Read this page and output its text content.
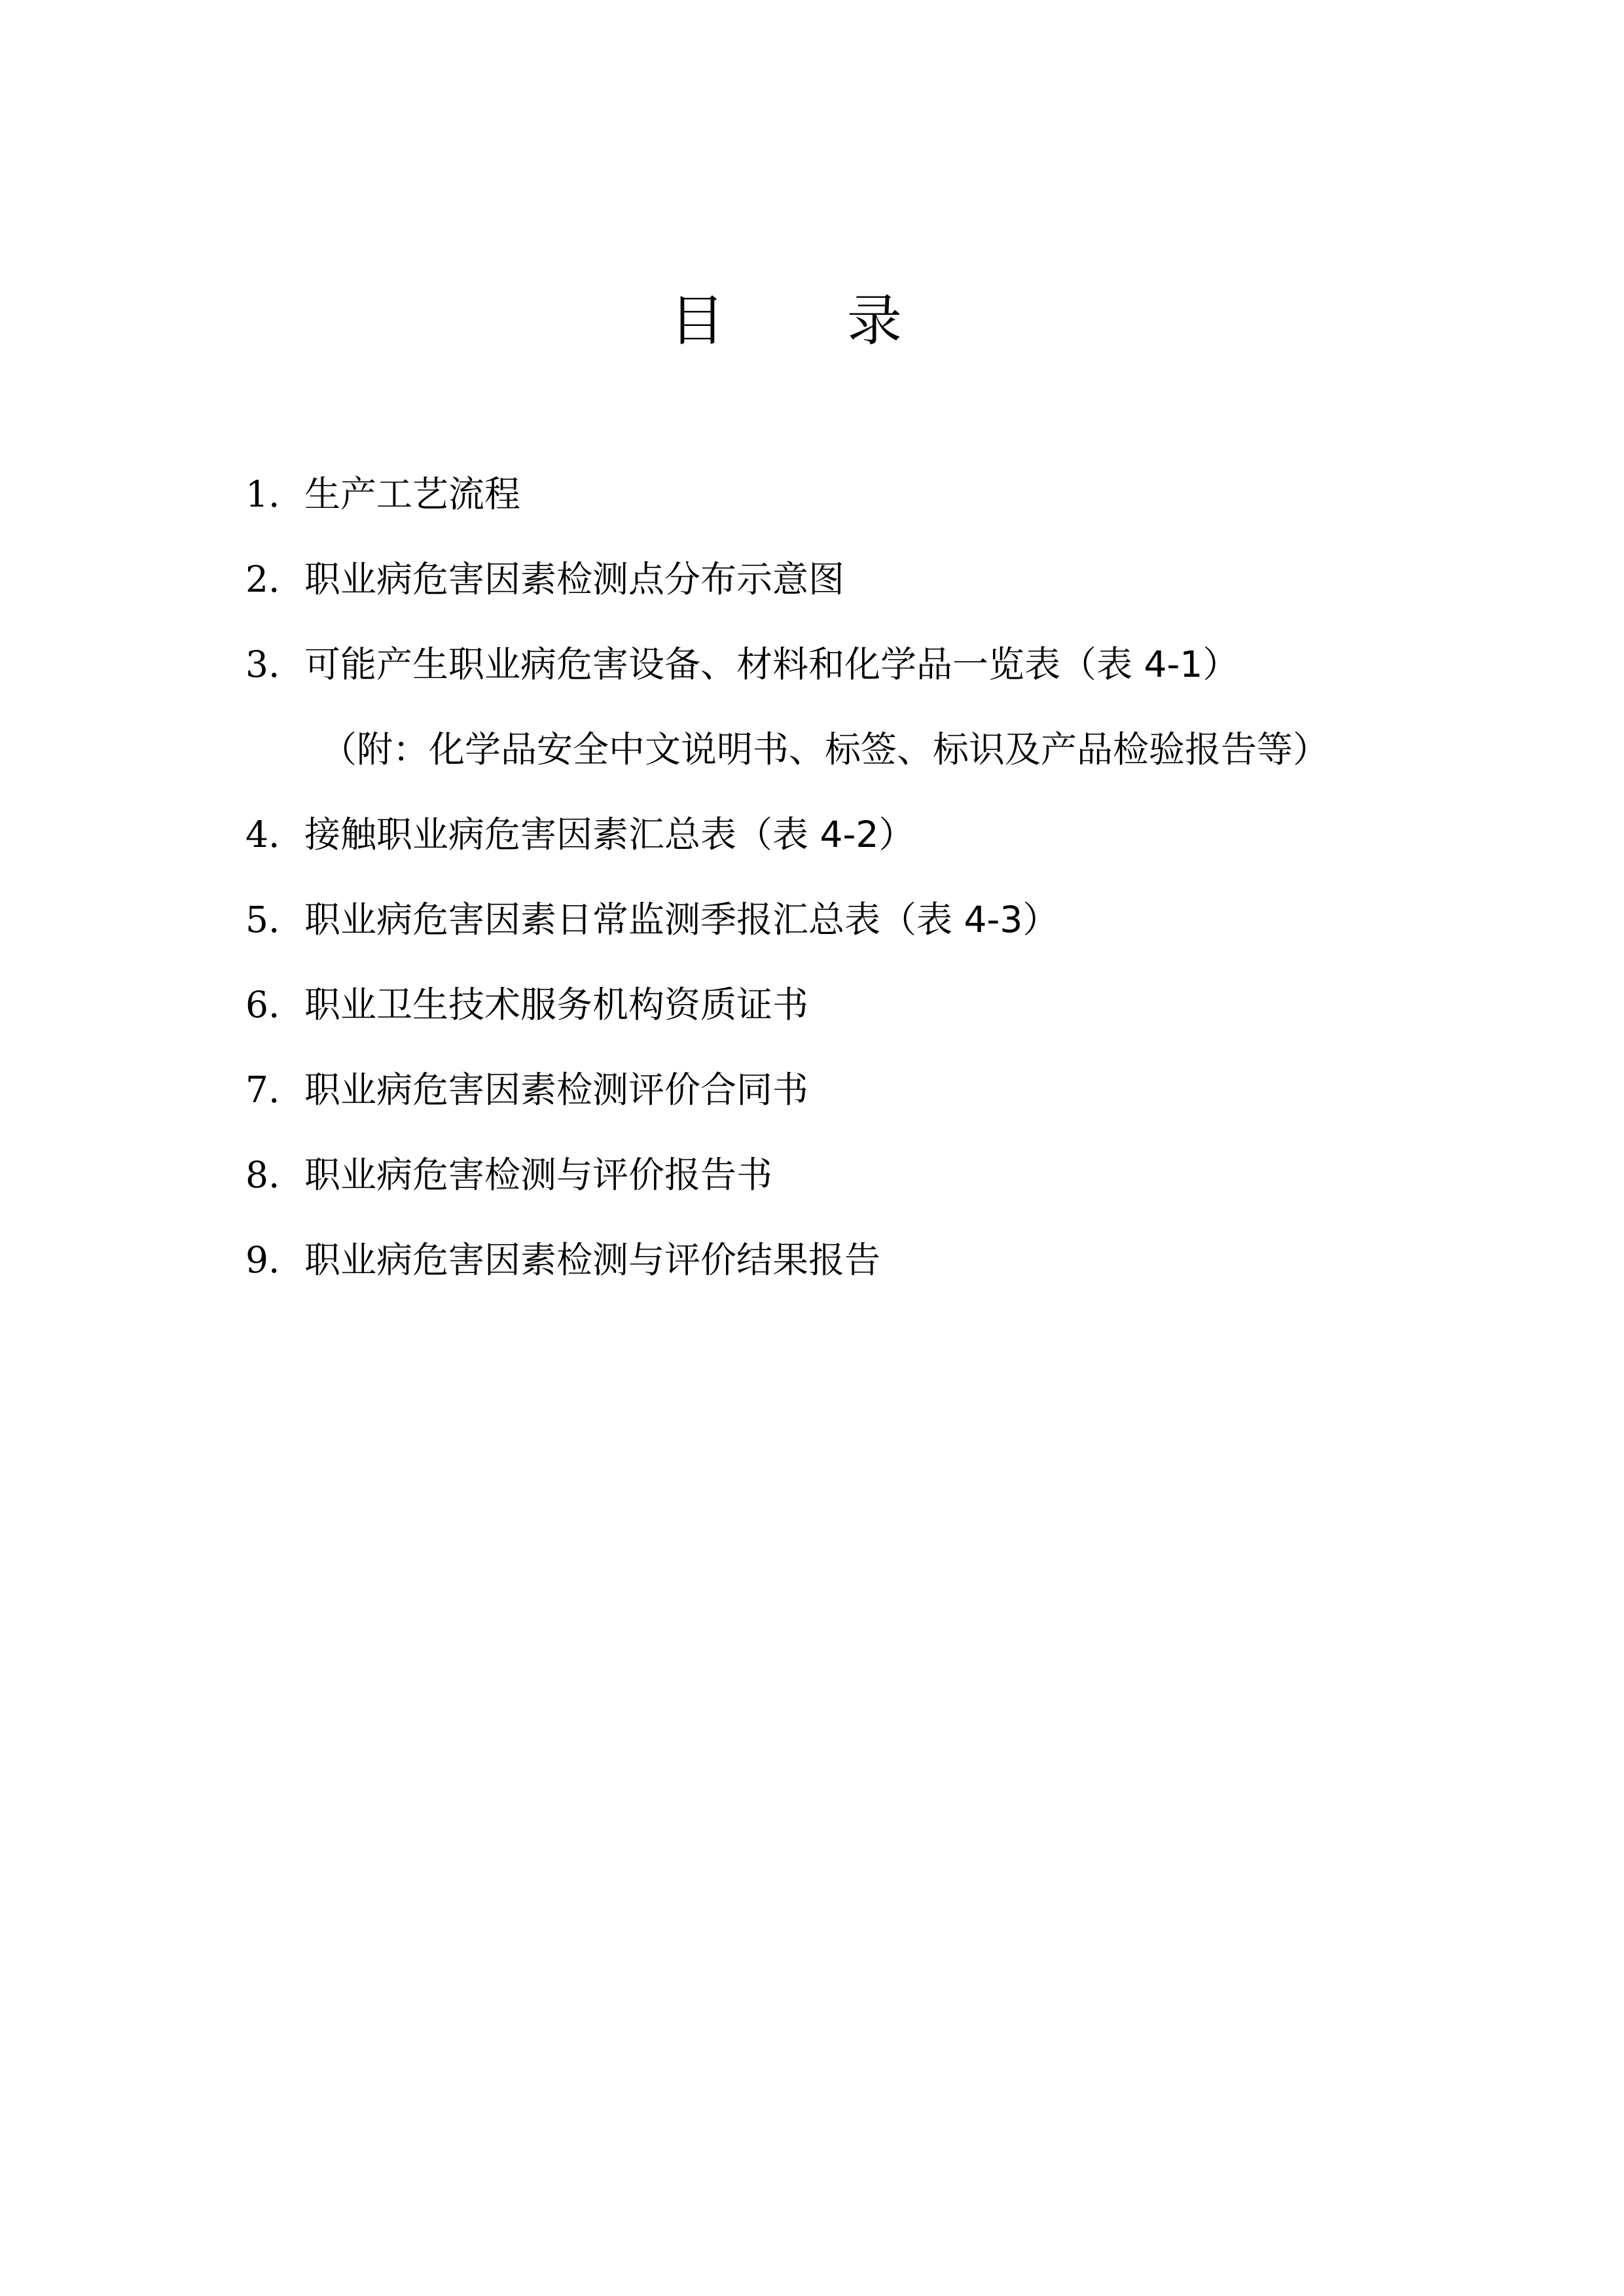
目 录
1. 生产工艺流程
2. 职业病危害因素检测点分布示意图
3. 可能产生职业病危害设备、材料和化学品一览表（表 4-1）
（附：化学品安全中文说明书、标签、标识及产品检验报告等）
4. 接触职业病危害因素汇总表（表 4-2）
5. 职业病危害因素日常监测季报汇总表（表 4-3）
6. 职业卫生技术服务机构资质证书
7. 职业病危害因素检测评价合同书
8. 职业病危害检测与评价报告书
9. 职业病危害因素检测与评价结果报告
